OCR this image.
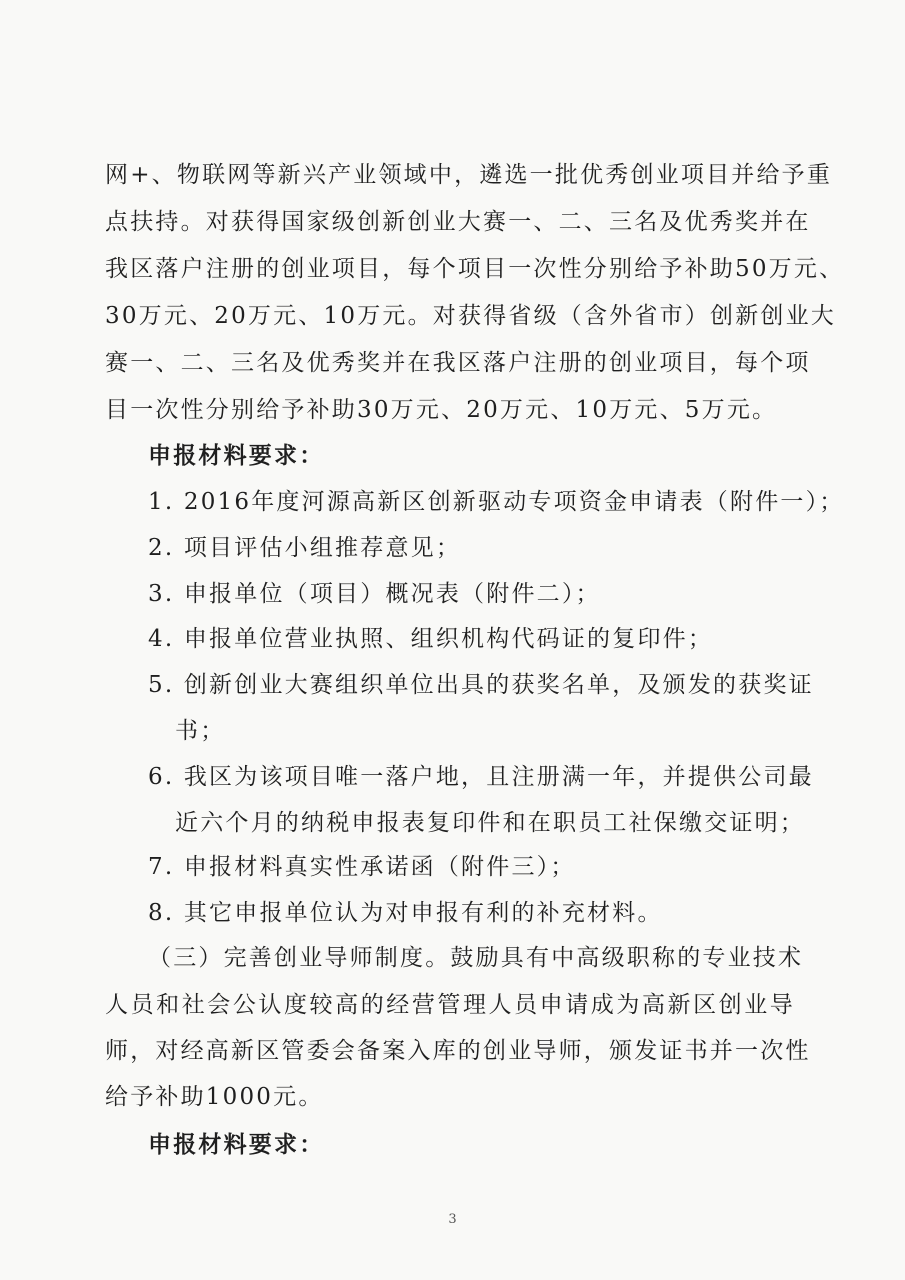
网+、物联网等新兴产业领域中，遴选一批优秀创业项目并给予重
点扶持。对获得国家级创新创业大赛一、二、三名及优秀奖并在
我区落户注册的创业项目，每个项目一次性分别给予补助50万元、
30万元、20万元、10万元。对获得省级（含外省市）创新创业大
赛一、二、三名及优秀奖并在我区落户注册的创业项目，每个项
目一次性分别给予补助30万元、20万元、10万元、5万元。
申报材料要求：
1. 2016年度河源高新区创新驱动专项资金申请表（附件一）；
2. 项目评估小组推荐意见；
3. 申报单位（项目）概况表（附件二）；
4. 申报单位营业执照、组织机构代码证的复印件；
5. 创新创业大赛组织单位出具的获奖名单，及颁发的获奖证
书；
6. 我区为该项目唯一落户地，且注册满一年，并提供公司最
近六个月的纳税申报表复印件和在职员工社保缴交证明；
7. 申报材料真实性承诺函（附件三）；
8. 其它申报单位认为对申报有利的补充材料。
（三）完善创业导师制度。鼓励具有中高级职称的专业技术
人员和社会公认度较高的经营管理人员申请成为高新区创业导
师，对经高新区管委会备案入库的创业导师，颁发证书并一次性
给予补助1000元。
申报材料要求：
3
